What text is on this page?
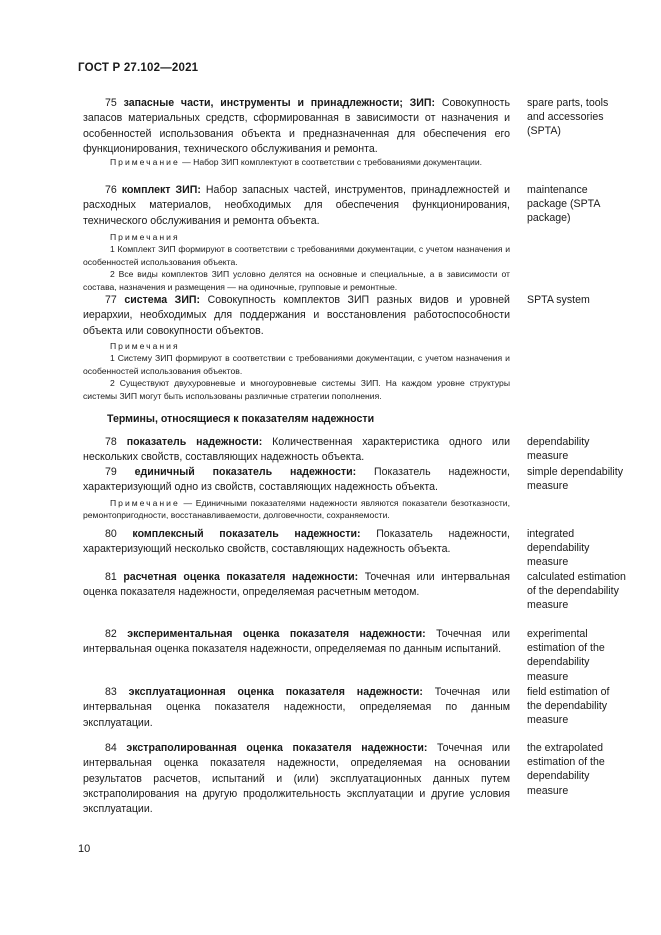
ГОСТ Р 27.102—2021
75 запасные части, инструменты и принадлежности; ЗИП: Совокупность запасов материальных средств, сформированная в зависимости от назначения и особенностей использования объекта и предназначенная для обеспечения его функционирования, технического обслуживания и ремонта.
spare parts, tools and accessories (SPTA)
Примечание — Набор ЗИП комплектуют в соответствии с требованиями документации.
76 комплект ЗИП: Набор запасных частей, инструментов, принадлежностей и расходных материалов, необходимых для обеспечения функционирования, технического обслуживания и ремонта объекта.
maintenance package (SPTA package)
Примечания
1 Комплект ЗИП формируют в соответствии с требованиями документации, с учетом назначения и особенностей использования объекта.
2 Все виды комплектов ЗИП условно делятся на основные и специальные, а в зависимости от состава, назначения и размещения — на одиночные, групповые и ремонтные.
77 система ЗИП: Совокупность комплектов ЗИП разных видов и уровней иерархии, необходимых для поддержания и восстановления работоспособности объекта или совокупности объектов.
SPTA system
Примечания
1 Систему ЗИП формируют в соответствии с требованиями документации, с учетом назначения и особенностей использования объектов.
2 Существуют двухуровневые и многоуровневые системы ЗИП. На каждом уровне структуры системы ЗИП могут быть использованы различные стратегии пополнения.
Термины, относящиеся к показателям надежности
78 показатель надежности: Количественная характеристика одного или нескольких свойств, составляющих надежность объекта.
dependability measure
79 единичный показатель надежности: Показатель надежности, характеризующий одно из свойств, составляющих надежность объекта.
simple dependability measure
Примечание — Единичными показателями надежности являются показатели безотказности, ремонтопригодности, восстанавливаемости, долговечности, сохраняемости.
80 комплексный показатель надежности: Показатель надежности, характеризующий несколько свойств, составляющих надежность объекта.
integrated dependability measure
81 расчетная оценка показателя надежности: Точечная или интервальная оценка показателя надежности, определяемая расчетным методом.
calculated estimation of the dependability measure
82 экспериментальная оценка показателя надежности: Точечная или интервальная оценка показателя надежности, определяемая по данным испытаний.
experimental estimation of the dependability measure
83 эксплуатационная оценка показателя надежности: Точечная или интервальная оценка показателя надежности, определяемая по данным эксплуатации.
field estimation of the dependability measure
84 экстраполированная оценка показателя надежности: Точечная или интервальная оценка показателя надежности, определяемая на основании результатов расчетов, испытаний и (или) эксплуатационных данных путем экстраполирования на другую продолжительность эксплуатации и другие условия эксплуатации.
the extrapolated estimation of the dependability measure
10
